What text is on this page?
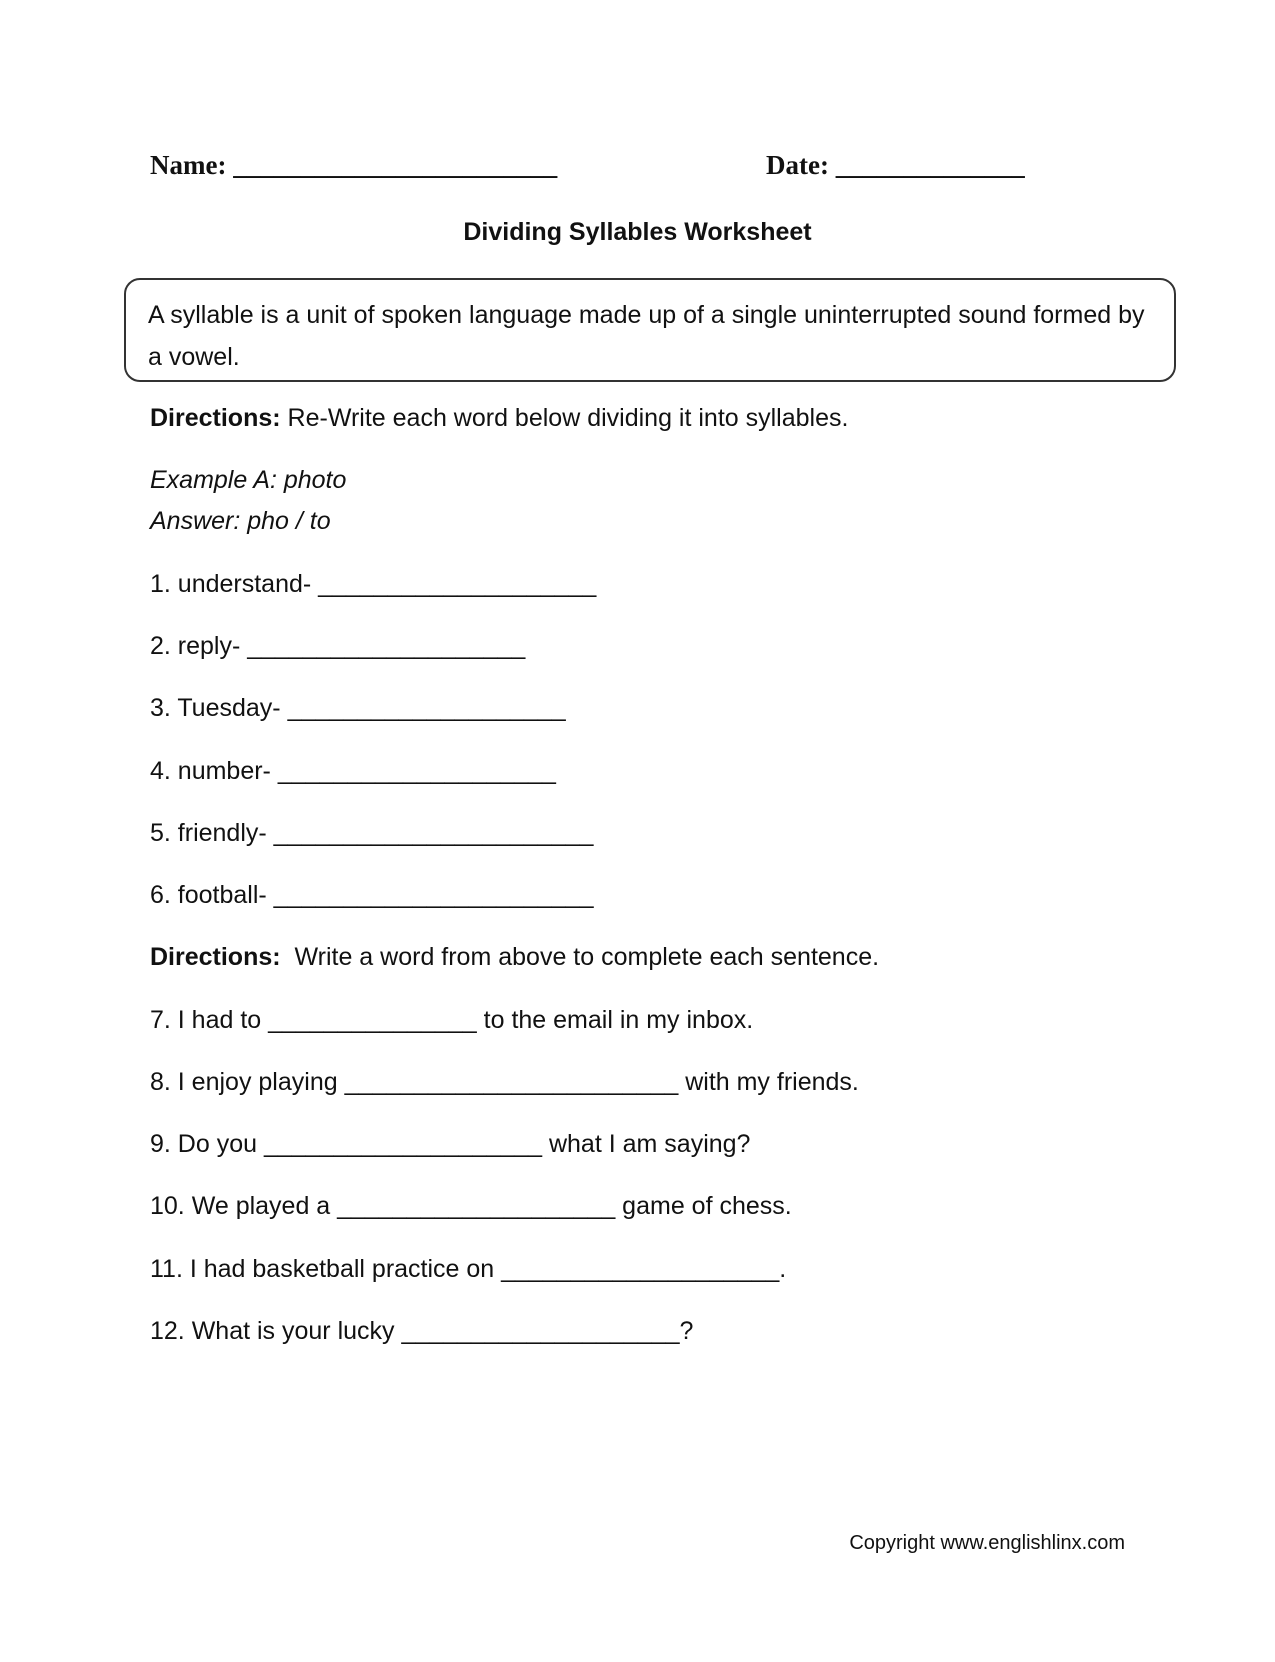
Name: ________________________	Date: ______________
Dividing Syllables Worksheet
A syllable is a unit of spoken language made up of a single uninterrupted sound formed by a vowel.
Directions: Re-Write each word below dividing it into syllables.
Example A: photo
Answer: pho / to
1. understand- ____________________
2. reply- ____________________
3. Tuesday- ____________________
4. number- ____________________
5. friendly- _______________________
6. football- _______________________
Directions:  Write a word from above to complete each sentence.
7. I had to _______________ to the email in my inbox.
8. I enjoy playing ________________________ with my friends.
9. Do you ____________________ what I am saying?
10. We played a ____________________ game of chess.
11. I had basketball practice on ____________________.
12. What is your lucky ____________________?
Copyright www.englishlinx.com
